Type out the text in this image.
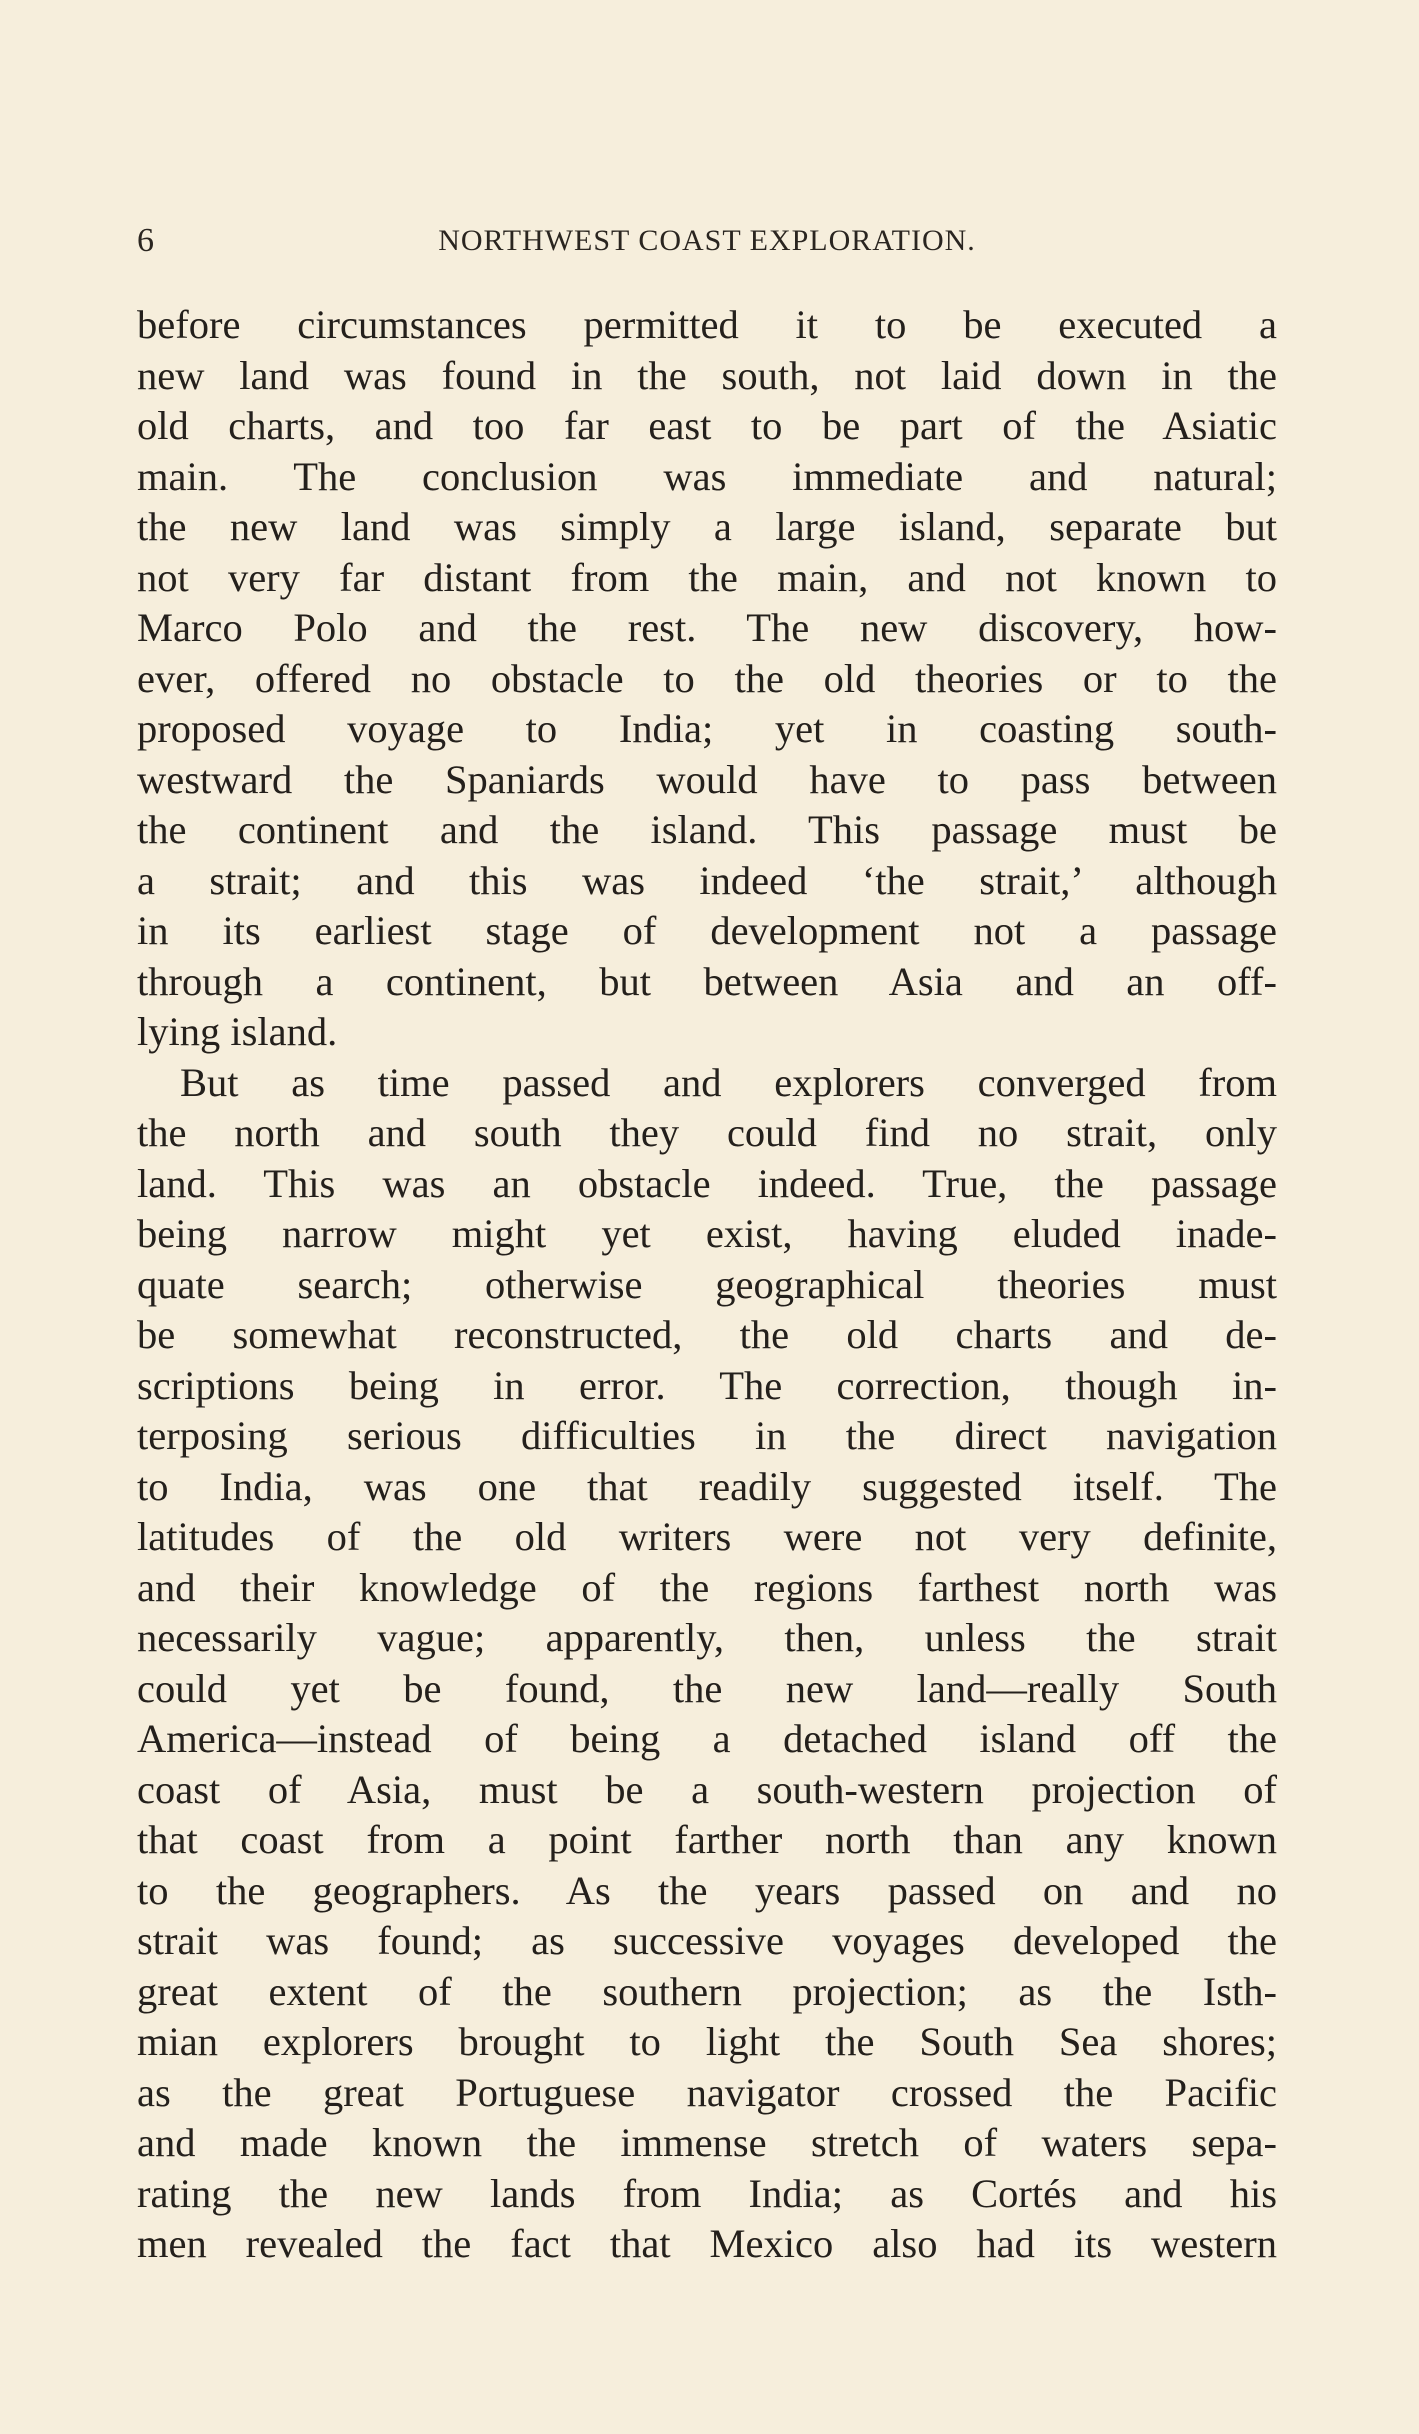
6	NORTHWEST COAST EXPLORATION.
before circumstances permitted it to be executed a
new land was found in the south, not laid down in the
old charts, and too far east to be part of the Asiatic
main. The conclusion was immediate and natural;
the new land was simply a large island, separate but
not very far distant from the main, and not known to
Marco Polo and the rest. The new discovery, how-
ever, offered no obstacle to the old theories or to the
proposed voyage to India; yet in coasting south-
westward the Spaniards would have to pass between
the continent and the island. This passage must be
a strait; and this was indeed ‘the strait,’ although
in its earliest stage of development not a passage
through a continent, but between Asia and an off-
lying island.
But as time passed and explorers converged from
the north and south they could find no strait, only
land. This was an obstacle indeed. True, the passage
being narrow might yet exist, having eluded inade-
quate search; otherwise geographical theories must
be somewhat reconstructed, the old charts and de-
scriptions being in error. The correction, though in-
terposing serious difficulties in the direct navigation
to India, was one that readily suggested itself. The
latitudes of the old writers were not very definite,
and their knowledge of the regions farthest north was
necessarily vague; apparently, then, unless the strait
could yet be found, the new land—really South
America—instead of being a detached island off the
coast of Asia, must be a south-western projection of
that coast from a point farther north than any known
to the geographers. As the years passed on and no
strait was found; as successive voyages developed the
great extent of the southern projection; as the Isth-
mian explorers brought to light the South Sea shores;
as the great Portuguese navigator crossed the Pacific
and made known the immense stretch of waters sepa-
rating the new lands from India; as Cortés and his
men revealed the fact that Mexico also had its western
